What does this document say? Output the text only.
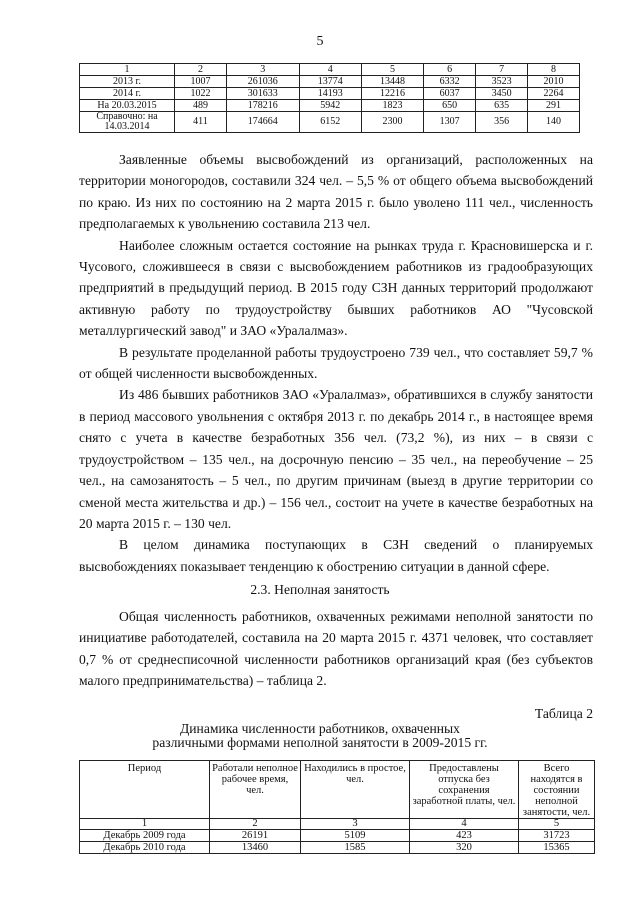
5
1	2	3	4	5	6	7	8
2013 г.	1007	261036	13774	13448	6332	3523	2010
2014 г.	1022	301633	14193	12216	6037	3450	2264
На 20.03.2015	489	178216	5942	1823	650	635	291
Справочно: на 14.03.2014	411	174664	6152	2300	1307	356	140

Заявленные объемы высвобождений из организаций, расположенных на территории моногородов, составили 324 чел. – 5,5 % от общего объема высвобождений по краю. Из них по состоянию на 2 марта 2015 г. было уволено 111 чел., численность предполагаемых к увольнению составила 213 чел.

Наиболее сложным остается состояние на рынках труда г. Красновишерска и г. Чусового, сложившееся в связи с высвобождением работников из градообразующих предприятий в предыдущий период. В 2015 году СЗН данных территорий продолжают активную работу по трудоустройству бывших работников АО "Чусовской металлургический завод" и ЗАО «Уралалмаз».

В результате проделанной работы трудоустроено 739 чел., что составляет 59,7 % от общей численности высвобожденных.

Из 486 бывших работников ЗАО «Уралалмаз», обратившихся в службу занятости в период массового увольнения с октября 2013 г. по декабрь 2014 г., в настоящее время снято с учета в качестве безработных 356 чел. (73,2 %), из них – в связи с трудоустройством – 135 чел., на досрочную пенсию – 35 чел., на переобучение – 25 чел., на самозанятость – 5 чел., по другим причинам (выезд в другие территории со сменой места жительства и др.) – 156 чел., состоит на учете в качестве безработных на 20 марта 2015 г. – 130 чел.

В целом динамика поступающих в СЗН сведений о планируемых высвобождениях показывает тенденцию к обострению ситуации в данной сфере.

2.3. Неполная занятость

Общая численность работников, охваченных режимами неполной занятости по инициативе работодателей, составила на 20 марта 2015 г. 4371 человек, что составляет 0,7 % от среднесписочной численности работников организаций края (без субъектов малого предпринимательства) – таблица 2.

Таблица 2
Динамика численности работников, охваченных
различными формами неполной занятости в 2009-2015 гг.
Период	Работали неполное рабочее время, чел.	Находились в простое, чел.	Предоставлены отпуска без сохранения заработной платы, чел.	Всего находятся в состоянии неполной занятости, чел.
1	2	3	4	5
Декабрь 2009 года	26191	5109	423	31723
Декабрь 2010 года	13460	1585	320	15365
